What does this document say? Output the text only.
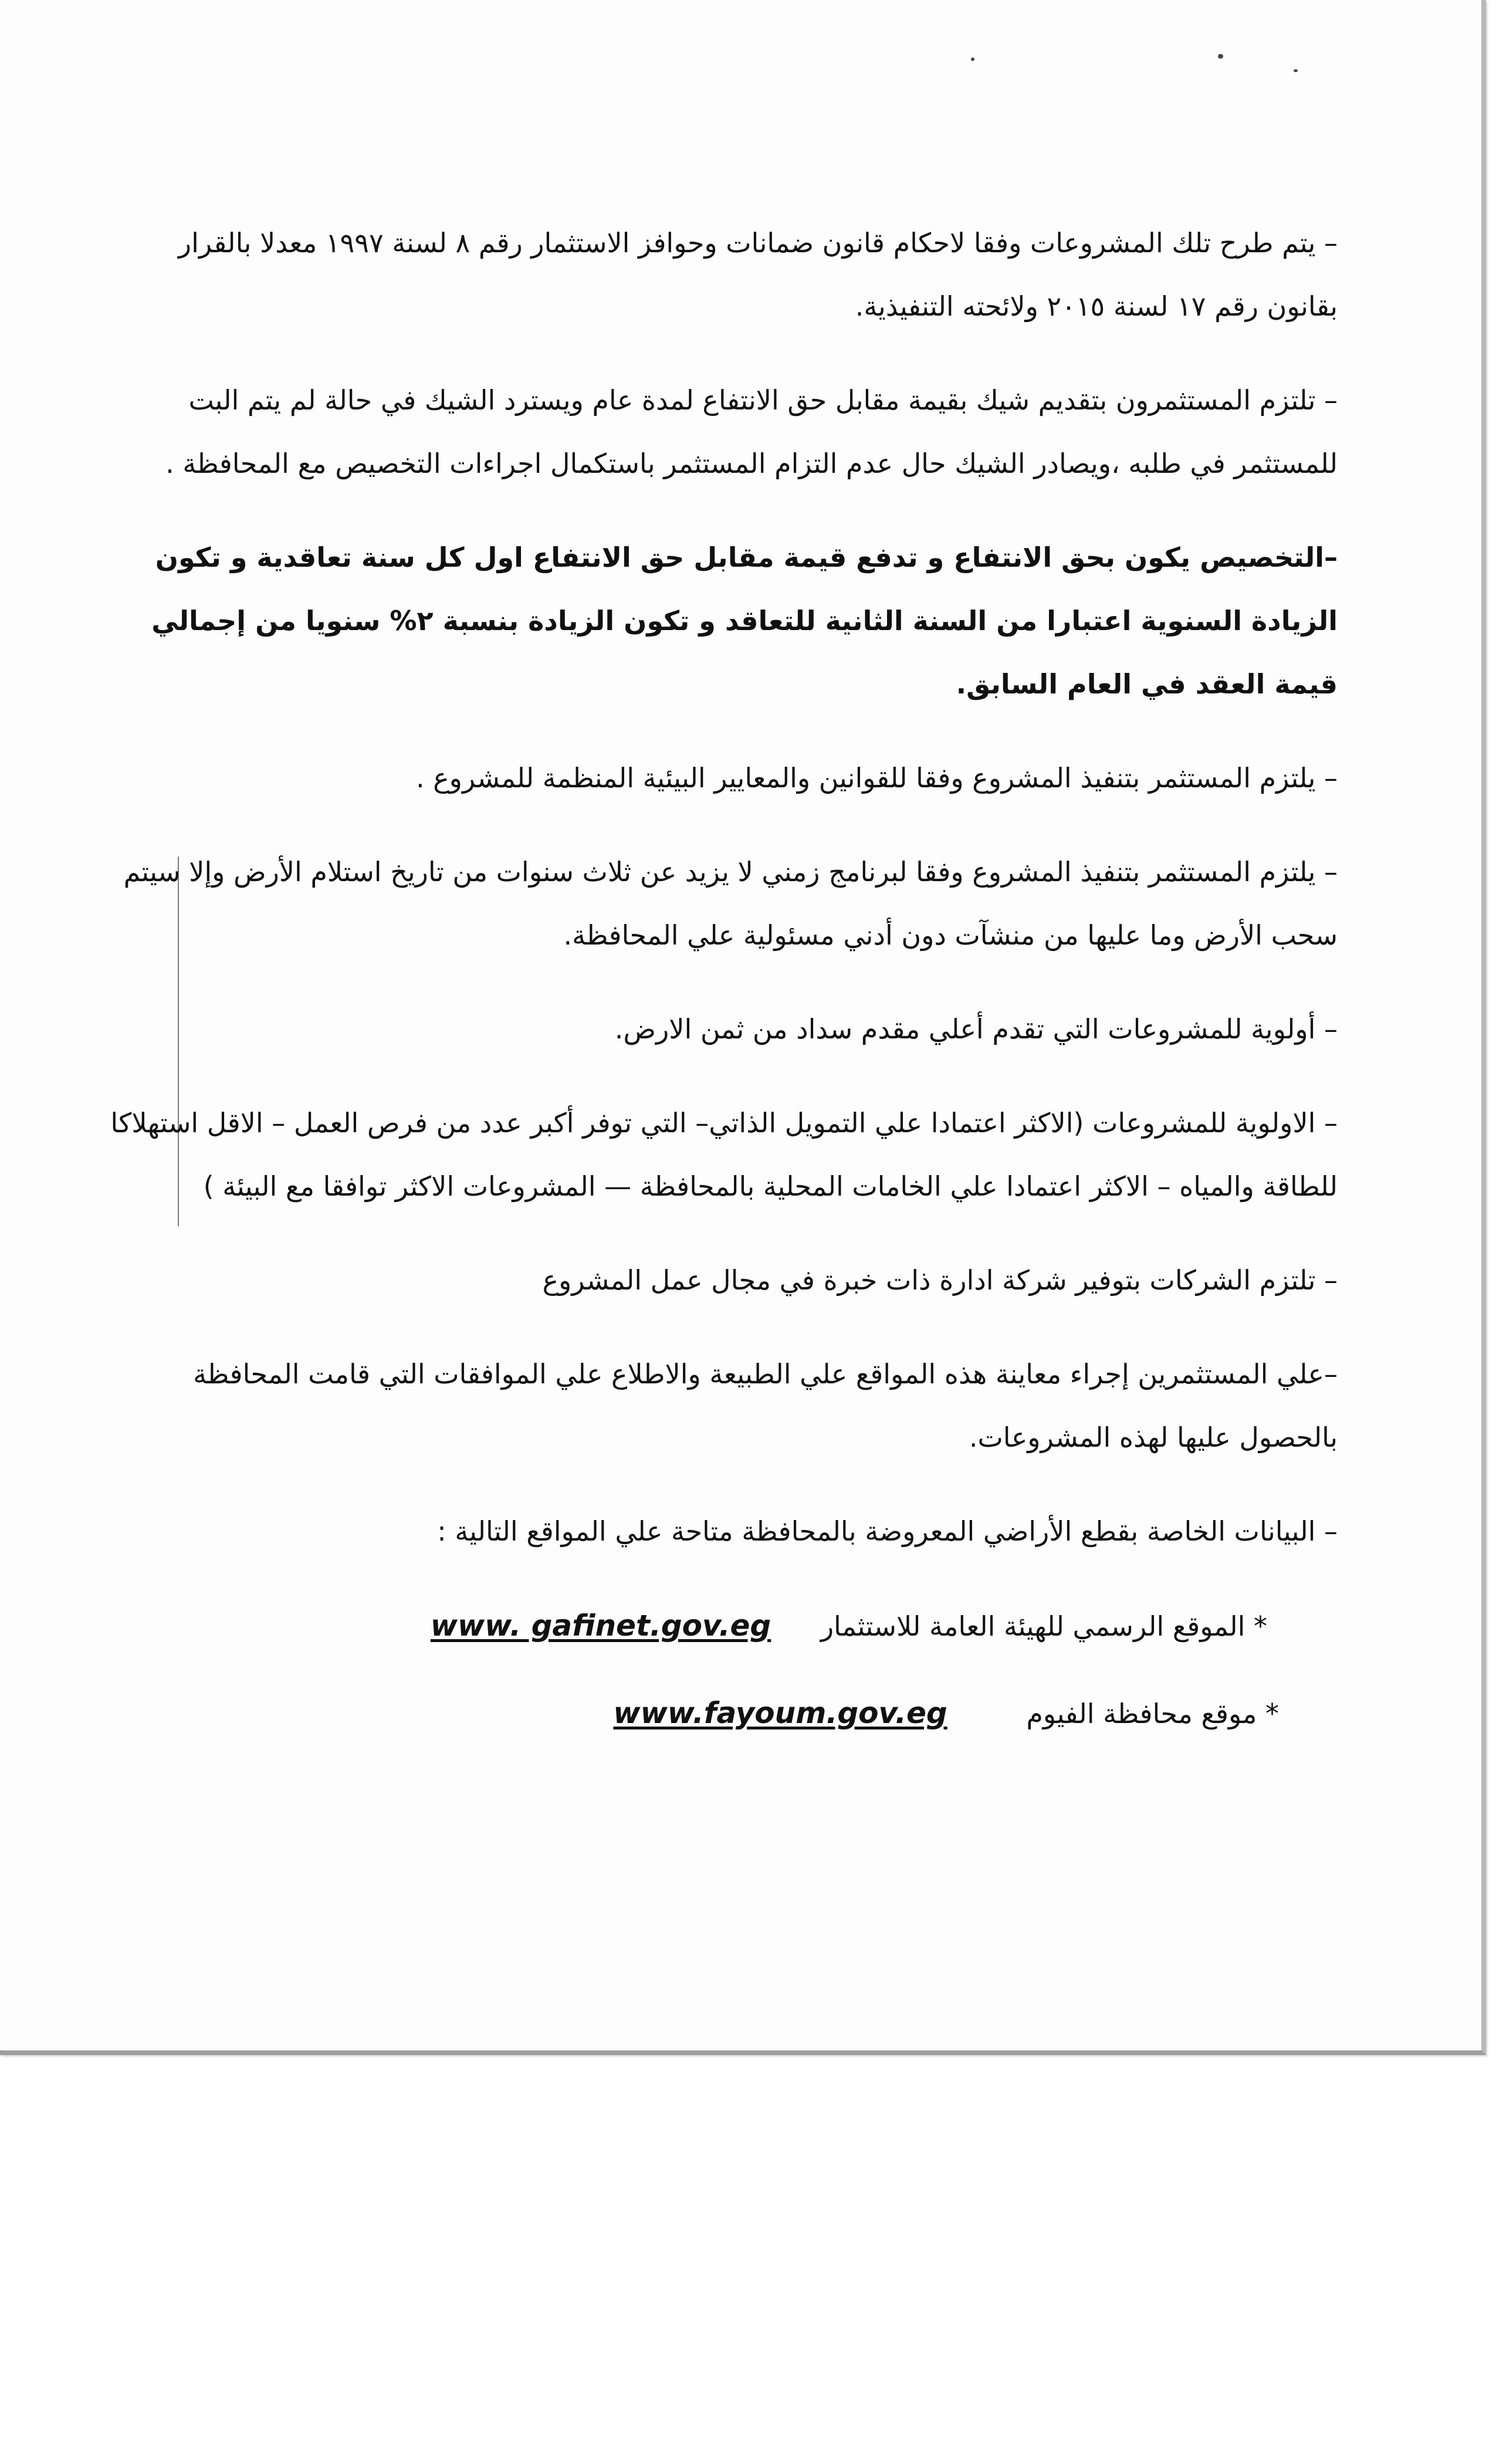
– يتم طرح تلك المشروعات وفقا لاحكام قانون ضمانات وحوافز الاستثمار رقم ٨ لسنة ١٩٩٧ معدلا بالقرار بقانون رقم ١٧ لسنة ٢٠١٥ ولائحته التنفيذية.

– تلتزم المستثمرون بتقديم شيك بقيمة مقابل حق الانتفاع لمدة عام ويسترد الشيك في حالة لم يتم البت للمستثمر في طلبه ،ويصادر الشيك حال عدم التزام المستثمر باستكمال اجراءات التخصيص مع المحافظة .

–التخصيص يكون بحق الانتفاع و تدفع قيمة مقابل حق الانتفاع اول كل سنة تعاقدية و تكون الزيادة السنوية اعتبارا من السنة الثانية للتعاقد و تكون الزيادة بنسبة ٢% سنويا من إجمالي قيمة العقد في العام السابق.

– يلتزم المستثمر بتنفيذ المشروع وفقا للقوانين والمعايير البيئية المنظمة للمشروع .

– يلتزم المستثمر بتنفيذ المشروع وفقا لبرنامج زمني لا يزيد عن ثلاث سنوات من تاريخ استلام الأرض وإلا سيتم سحب الأرض وما عليها من منشآت دون أدني مسئولية علي المحافظة.

– أولوية للمشروعات التي تقدم أعلي مقدم سداد من ثمن الارض.

– الاولوية للمشروعات (الاكثر اعتمادا علي التمويل الذاتي– التي توفر أكبر عدد من فرص العمل – الاقل استهلاكا للطاقة والمياه – الاكثر اعتمادا علي الخامات المحلية بالمحافظة — المشروعات الاكثر توافقا مع البيئة )

– تلتزم الشركات بتوفير شركة ادارة ذات خبرة في مجال عمل المشروع

–علي المستثمرين إجراء معاينة هذه المواقع علي الطبيعة والاطلاع علي الموافقات التي قامت المحافظة بالحصول عليها لهذه المشروعات.

– البيانات الخاصة بقطع الأراضي المعروضة بالمحافظة متاحة علي المواقع التالية :

* الموقع الرسمي للهيئة العامة للاستثمار www. gafinet.gov.eg
* موقع محافظة الفيوم www.fayoum.gov.eg
